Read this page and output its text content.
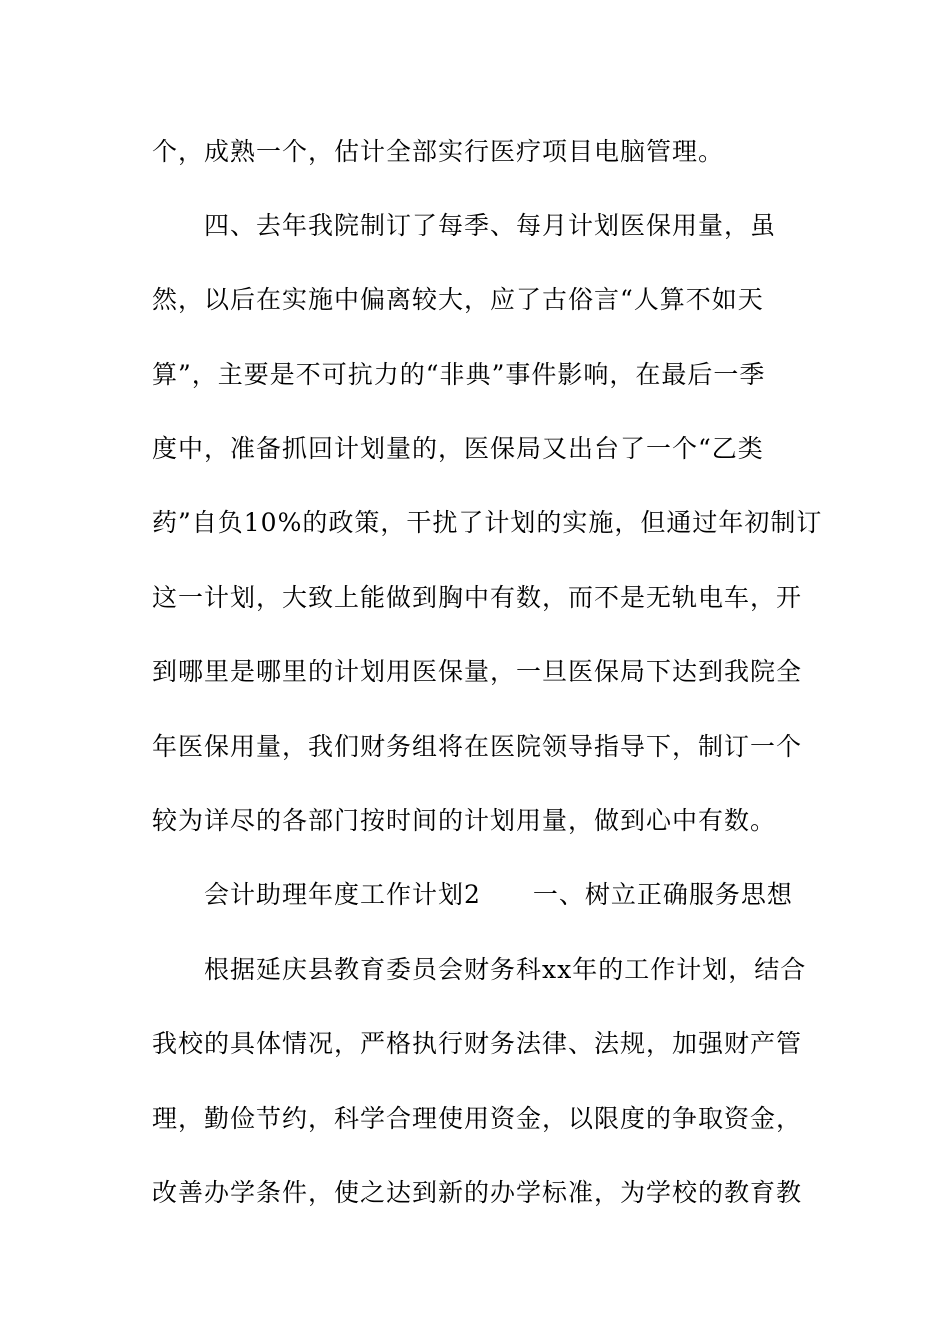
个，成熟一个，估计全部实行医疗项目电脑管理。
四、去年我院制订了每季、每月计划医保用量，虽
然，以后在实施中偏离较大，应了古俗言“人算不如天
算”，主要是不可抗力的“非典”事件影响，在最后一季
度中，准备抓回计划量的，医保局又出台了一个“乙类
药”自负10%的政策，干扰了计划的实施，但通过年初制订
这一计划，大致上能做到胸中有数，而不是无轨电车，开
到哪里是哪里的计划用医保量，一旦医保局下达到我院全
年医保用量，我们财务组将在医院领导指导下，制订一个
较为详尽的各部门按时间的计划用量，做到心中有数。
会计助理年度工作计划2　　一、树立正确服务思想
根据延庆县教育委员会财务科xx年的工作计划，结合
我校的具体情况，严格执行财务法律、法规，加强财产管
理，勤俭节约，科学合理使用资金，以限度的争取资金，
改善办学条件，使之达到新的办学标准，为学校的教育教
